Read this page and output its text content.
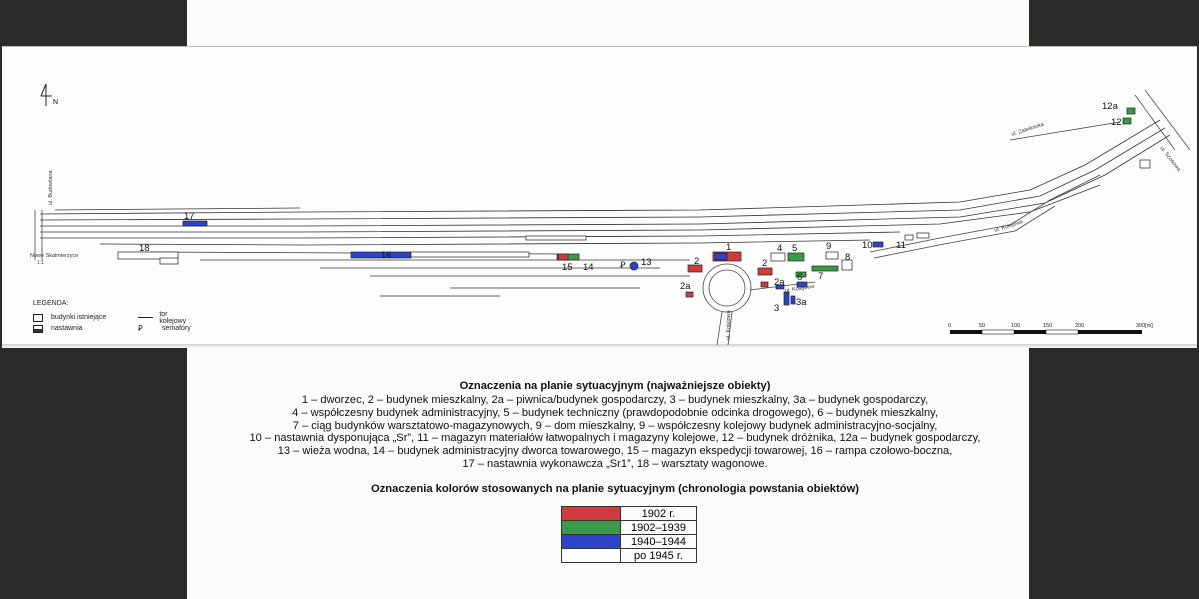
N
1
2	2
2a	2a
3
3a
4 5
6 7
8
9	10 11
12
12a
13
14
15
16
17
18
Ꝑ
ul. Budowlana
ul. Kolejowa
ul. Kolejowa
ul. Kolejowa
ul. Zaleśnicka
ul. Szosowa
Nowe Skalmierzyce
1:1
0	50	100	150	200	300[m]
LEGENDA:
budynki istniejące
nastawnia
tor kolejowy
Ꝑ	semafory
Oznaczenia na planie sytuacyjnym (najważniejsze obiekty)

1 – dworzec, 2 – budynek mieszkalny, 2a – piwnica/budynek gospodarczy, 3 – budynek mieszkalny, 3a – budynek gospodarczy,

4 – współczesny budynek administracyjny, 5 – budynek techniczny (prawdopodobnie odcinka drogowego), 6 – budynek mieszkalny,

7 – ciąg budynków warsztatowo-magazynowych, 9 – dom mieszkalny, 9 – współczesny kolejowy budynek administracyjno-socjalny,

10 – nastawnia dysponująca „Sr”, 11 – magazyn materiałów łatwopalnych i magazyny kolejowe, 12 – budynek dróżnika, 12a – budynek gospodarczy,

13 – wieża wodna, 14 – budynek administracyjny dworca towarowego, 15 – magazyn ekspedycji towarowej, 16 – rampa czołowo-boczna,

17 – nastawnia wykonawcza „Sr1”, 18 – warsztaty wagonowe.

Oznaczenia kolorów stosowanych na planie sytuacyjnym (chronologia powstania obiektów)
	1902 r.
	1902–1939
	1940–1944
	po 1945 r.
